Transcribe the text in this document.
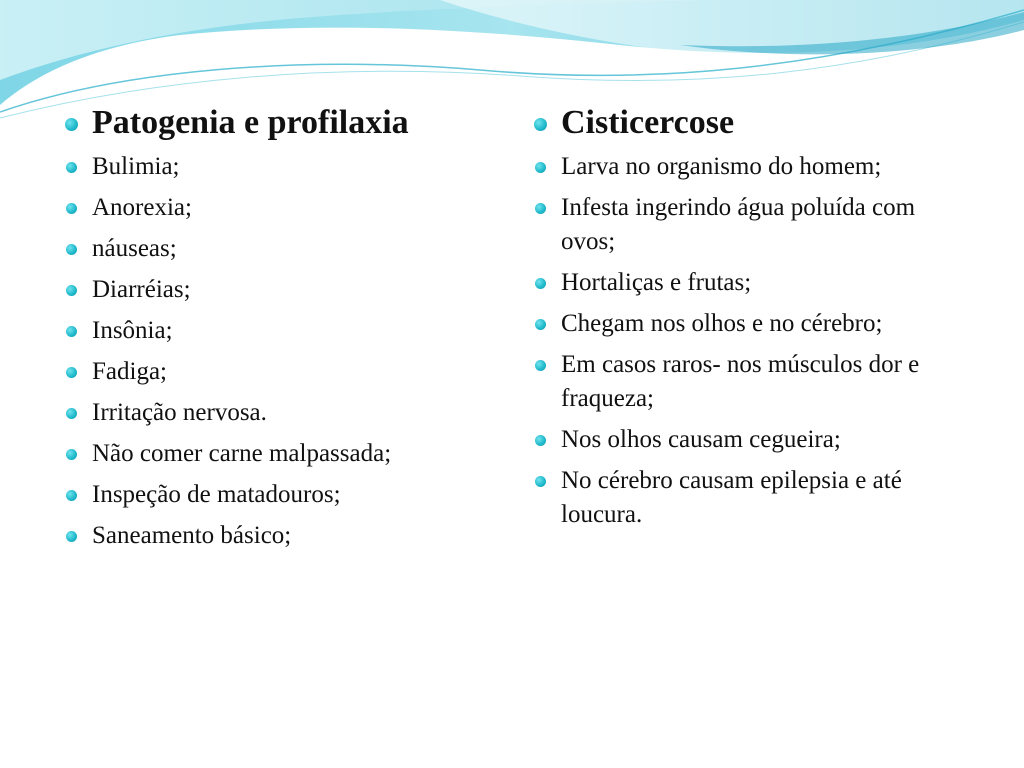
Patogenia e profilaxia
Bulimia;
Anorexia;
náuseas;
Diarréias;
Insônia;
Fadiga;
Irritação nervosa.
Não comer carne malpassada;
Inspeção de matadouros;
Saneamento básico;
Cisticercose
Larva no organismo do homem;
Infesta ingerindo água poluída com ovos;
Hortaliças e frutas;
Chegam nos olhos e no cérebro;
Em casos raros- nos músculos dor e fraqueza;
Nos olhos causam cegueira;
No cérebro causam epilepsia e até loucura.
